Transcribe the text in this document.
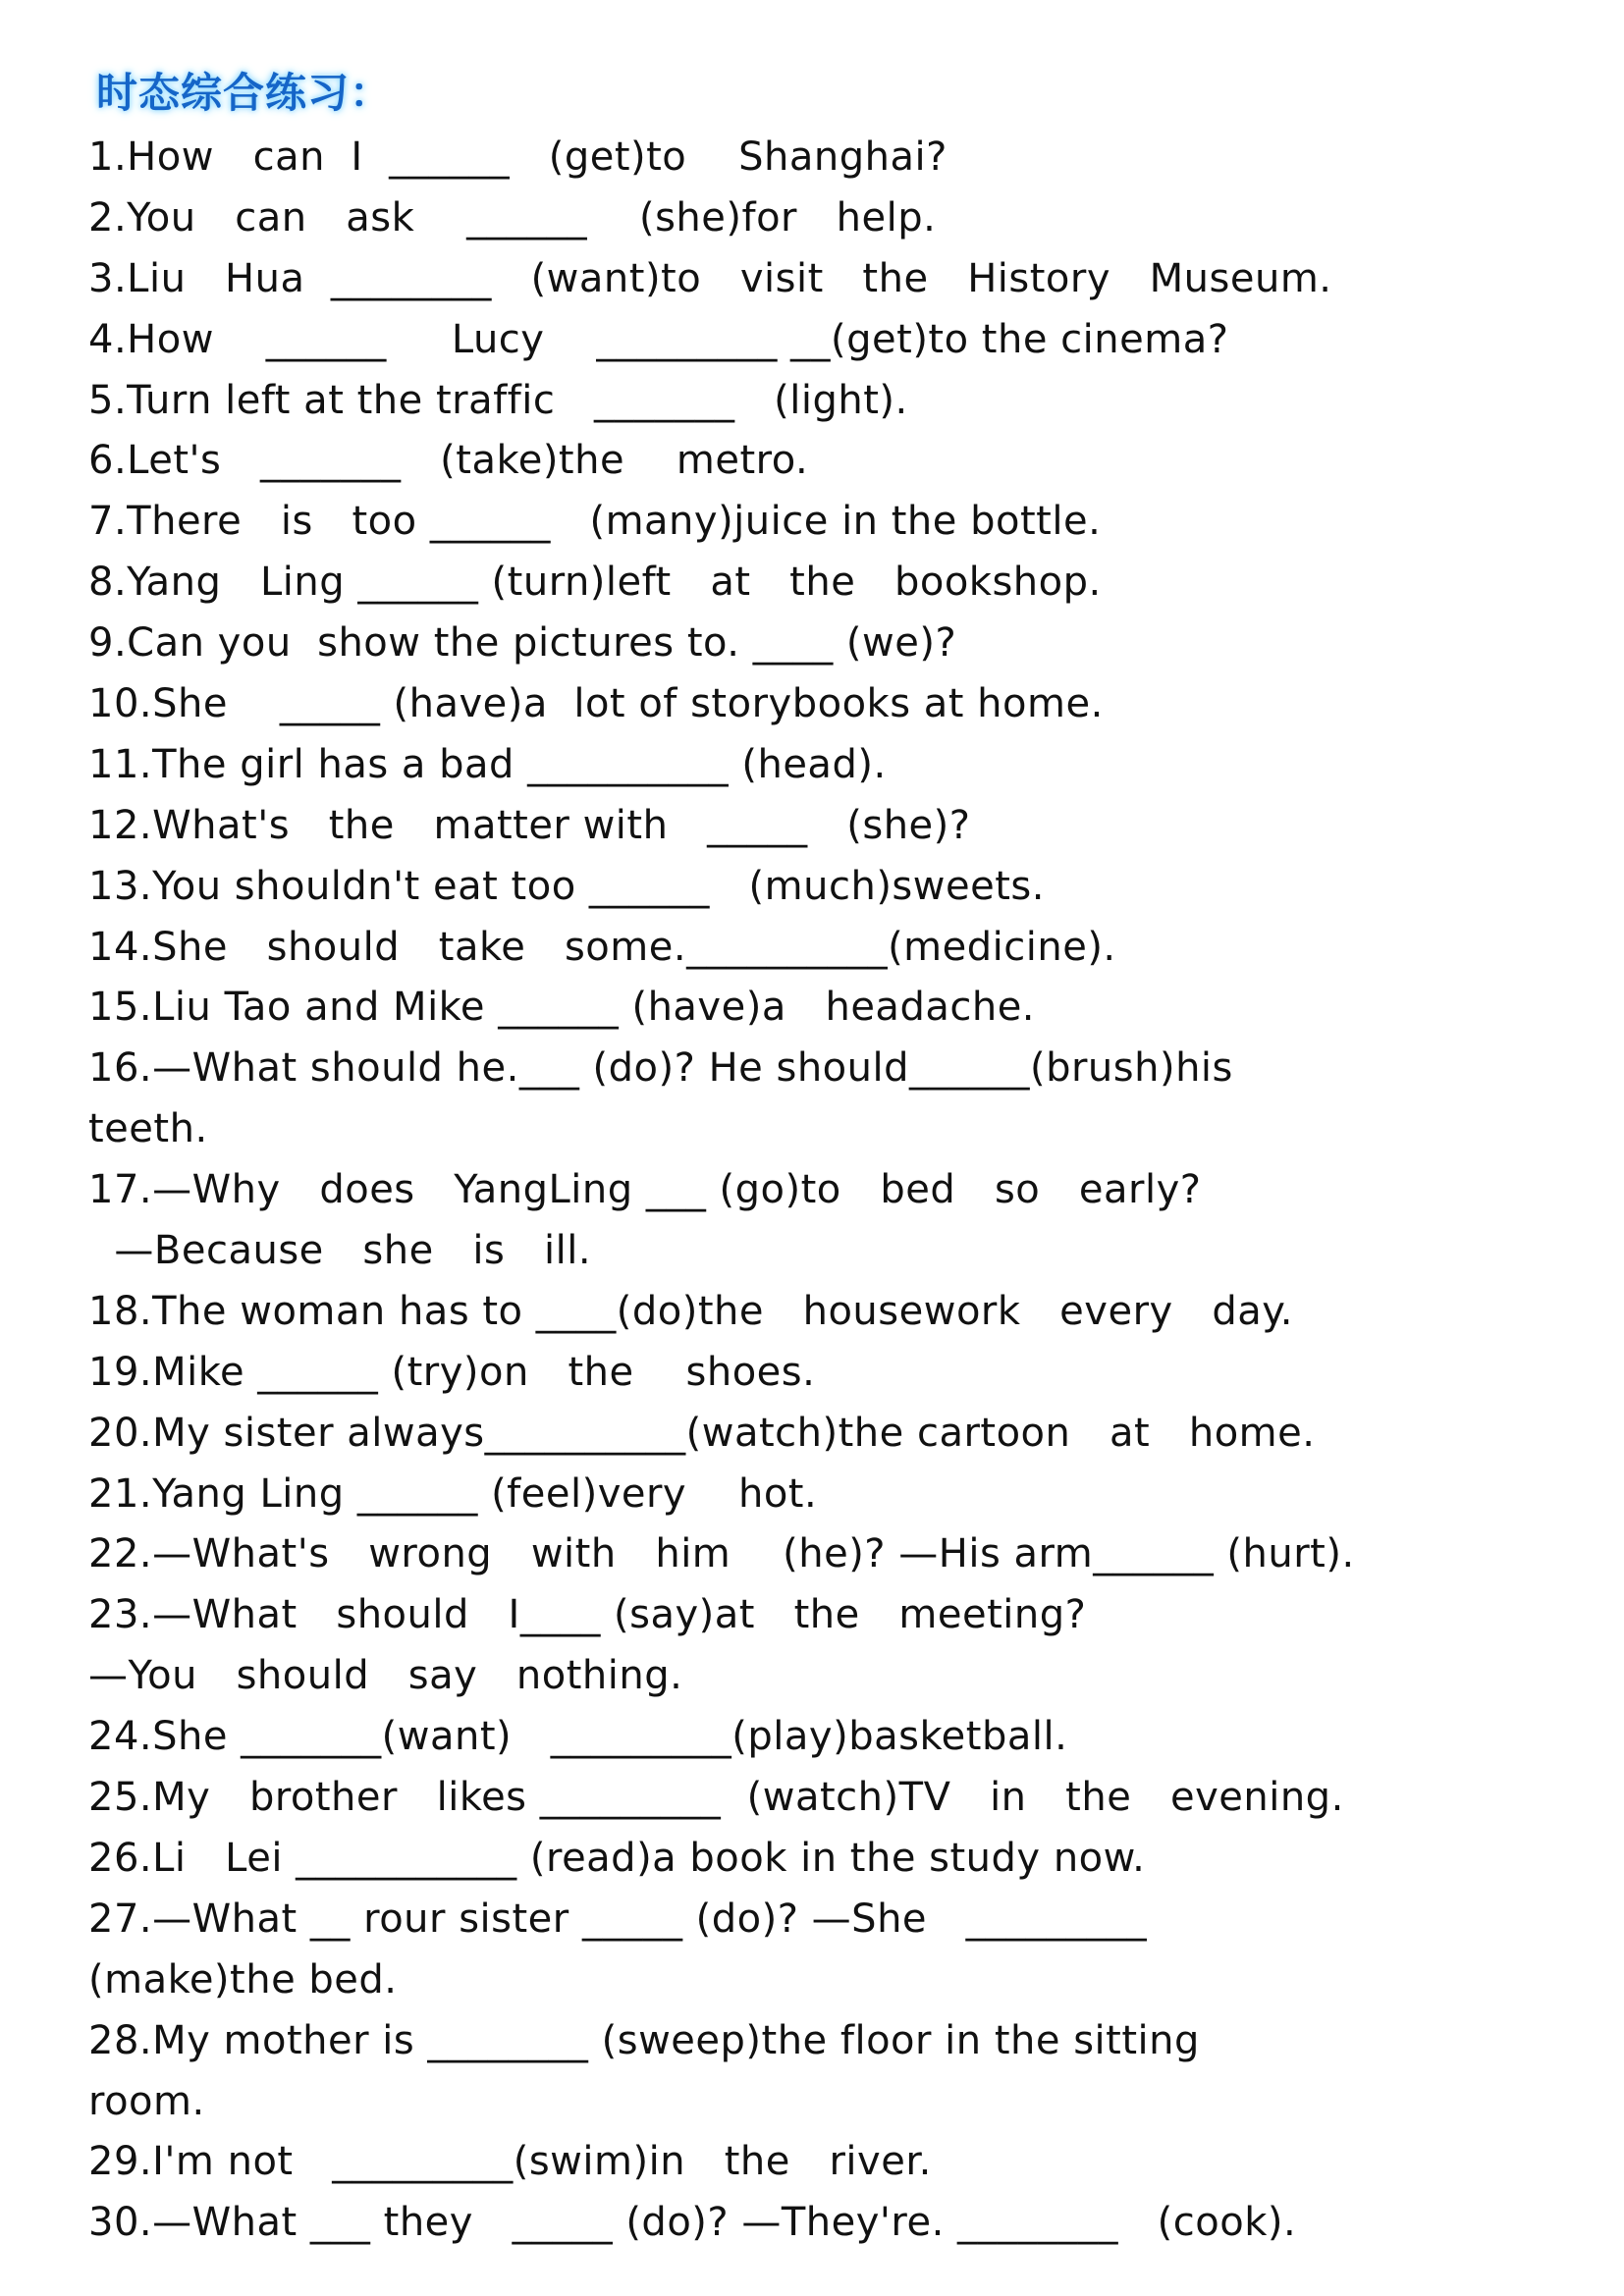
时态综合练习：
1.How   can  I  ______   (get)to    Shanghai?
2.You   can   ask    ______    (she)for   help.
3.Liu   Hua  ________   (want)to   visit   the   History   Museum.
4.How    ______     Lucy    _________ __(get)to the cinema?
5.Turn left at the traffic   _______   (light).
6.Let's   _______   (take)the    metro.
7.There   is   too ______   (many)juice in the bottle.
8.Yang   Ling ______ (turn)left   at   the   bookshop.
9.Can you  show the pictures to. ____ (we)?
10.She    _____ (have)a  lot of storybooks at home.
11.The girl has a bad __________ (head).
12.What's   the   matter with   _____   (she)?
13.You shouldn't eat too ______   (much)sweets.
14.She   should   take   some.__________(medicine).
15.Liu Tao and Mike ______ (have)a   headache.
16.—What should he.___ (do)? He should______(brush)his
teeth.
17.—Why   does   YangLing ___ (go)to   bed   so   early?
—Because   she   is   ill.
18.The woman has to ____(do)the   housework   every   day.
19.Mike ______ (try)on   the    shoes.
20.My sister always__________(watch)the cartoon   at   home.
21.Yang Ling ______ (feel)very    hot.
22.—What's   wrong   with   him    (he)? —His arm______ (hurt).
23.—What   should   I____ (say)at   the   meeting?
—You   should   say   nothing.
24.She _______(want)   _________(play)basketball.
25.My   brother   likes _________  (watch)TV   in   the   evening.
26.Li   Lei ___________ (read)a book in the study now.
27.—What __ rour sister _____ (do)? —She   _________
(make)the bed.
28.My mother is ________ (sweep)the floor in the sitting
room.
29.I'm not   _________(swim)in   the   river.
30.—What ___ they   _____ (do)? —They're. ________   (cook).
